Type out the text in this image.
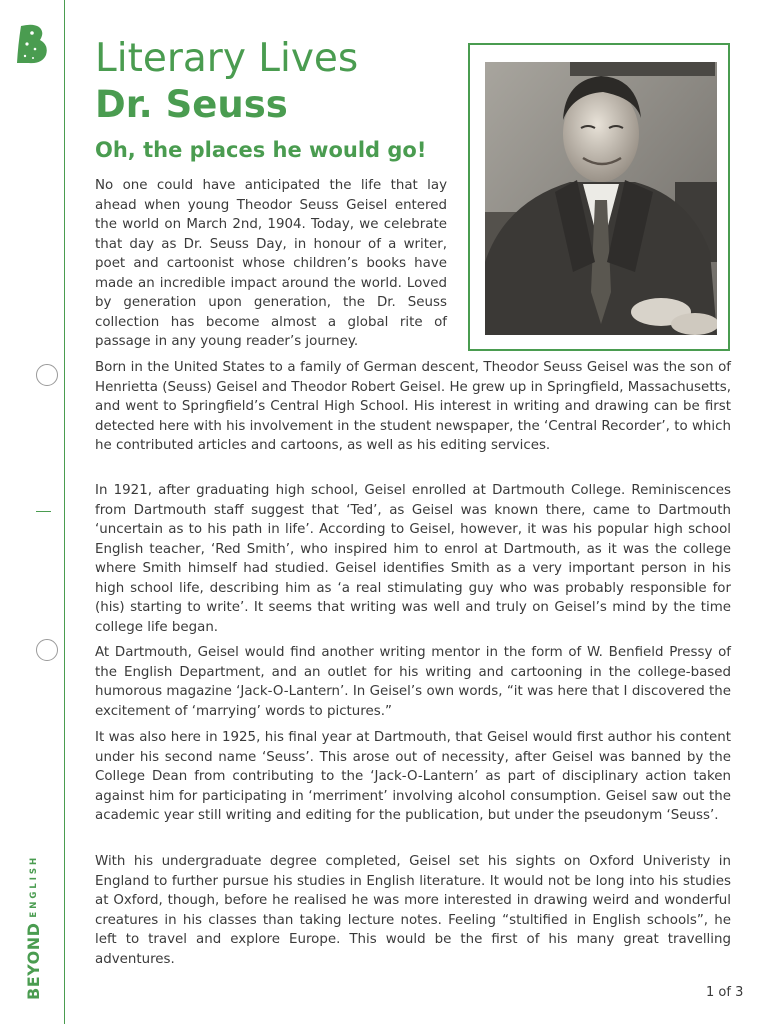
BEYONDENGLISH
Literary Lives
Dr. Seuss
Oh, the places he would go!

No one could have anticipated the life that lay ahead when young Theodor Seuss Geisel entered the world on March 2nd, 1904. Today, we celebrate that day as Dr. Seuss Day, in honour of a writer, poet and cartoonist whose children’s books have made an incredible impact around the world. Loved by generation upon generation, the Dr. Seuss collection has become almost a global rite of passage in any young reader’s journey.

Born in the United States to a family of German descent, Theodor Seuss Geisel was the son of Henrietta (Seuss) Geisel and Theodor Robert Geisel. He grew up in Springfield, Massachusetts, and went to Springfield’s Central High School. His interest in writing and drawing can be first detected here with his involvement in the student newspaper, the ‘Central Recorder’, to which he contributed articles and cartoons, as well as his editing services.

In 1921, after graduating high school, Geisel enrolled at Dartmouth College. Reminiscences from Dartmouth staff suggest that ‘Ted’, as Geisel was known there, came to Dartmouth ‘uncertain as to his path in life’. According to Geisel, however, it was his popular high school English teacher, ‘Red Smith’, who inspired him to enrol at Dartmouth, as it was the college where Smith himself had studied. Geisel identifies Smith as a very important person in his high school life, describing him as ‘a real stimulating guy who was probably responsible for (his) starting to write’. It seems that writing was well and truly on Geisel’s mind by the time college life began.

At Dartmouth, Geisel would find another writing mentor in the form of W. Benfield Pressy of the English Department, and an outlet for his writing and cartooning in the college-based humorous magazine ‘Jack-O-Lantern’. In Geisel’s own words, “it was here that I discovered the excitement of ‘marrying’ words to pictures.”

It was also here in 1925, his final year at Dartmouth, that Geisel would first author his content under his second name ‘Seuss’. This arose out of necessity, after Geisel was banned by the College Dean from contributing to the ‘Jack-O-Lantern’ as part of disciplinary action taken against him for participating in ‘merriment’ involving alcohol consumption. Geisel saw out the academic year still writing and editing for the publication, but under the pseudonym ‘Seuss’.

With his undergraduate degree completed, Geisel set his sights on Oxford Univeristy in England to further pursue his studies in English literature. It would not be long into his studies at Oxford, though, before he realised he was more interested in drawing weird and wonderful creatures in his classes than taking lecture notes. Feeling “stultified in English schools”, he left to travel and explore Europe. This would be the first of his many great travelling adventures.

1 of 3
